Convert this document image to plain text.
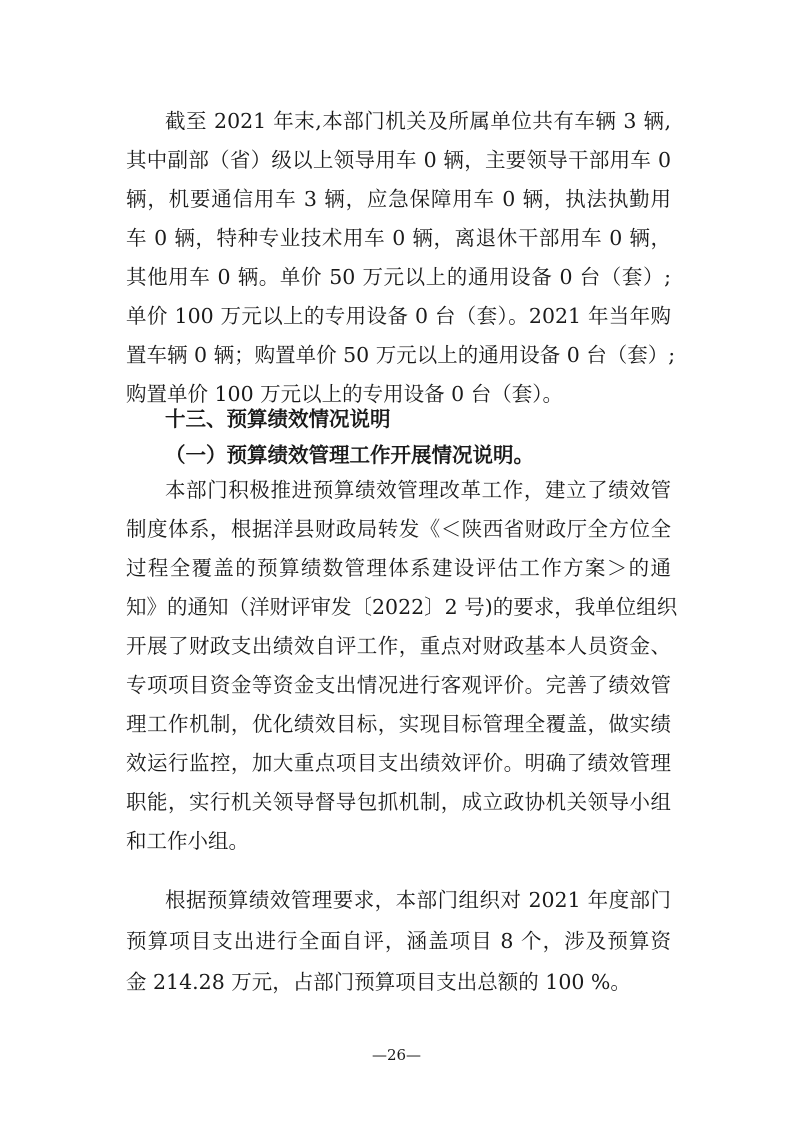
截至 2021 年末,本部门机关及所属单位共有车辆 3 辆,
其中副部（省）级以上领导用车 0 辆，主要领导干部用车 0
辆，机要通信用车 3 辆，应急保障用车 0 辆，执法执勤用
车 0 辆，特种专业技术用车 0 辆，离退休干部用车 0 辆，
其他用车 0 辆。单价 50 万元以上的通用设备 0 台（套）;
单价 100 万元以上的专用设备 0 台（套）。2021 年当年购
置车辆 0 辆；购置单价 50 万元以上的通用设备 0 台（套）;
购置单价 100 万元以上的专用设备 0 台（套）。
十三、预算绩效情况说明
（一）预算绩效管理工作开展情况说明。
本部门积极推进预算绩效管理改革工作，建立了绩效管
制度体系，根据洋县财政局转发《＜陕西省财政厅全方位全
过程全覆盖的预算绩数管理体系建设评估工作方案＞的通
知》的通知（洋财评审发〔2022〕2 号)的要求，我单位组织
开展了财政支出绩效自评工作，重点对财政基本人员资金、
专项项目资金等资金支出情况进行客观评价。完善了绩效管
理工作机制，优化绩效目标，实现目标管理全覆盖，做实绩
效运行监控，加大重点项目支出绩效评价。明确了绩效管理
职能，实行机关领导督导包抓机制，成立政协机关领导小组
和工作小组。
根据预算绩效管理要求，本部门组织对 2021 年度部门
预算项目支出进行全面自评，涵盖项目 8 个，涉及预算资
金 214.28 万元，占部门预算项目支出总额的 100 %。
—26—
